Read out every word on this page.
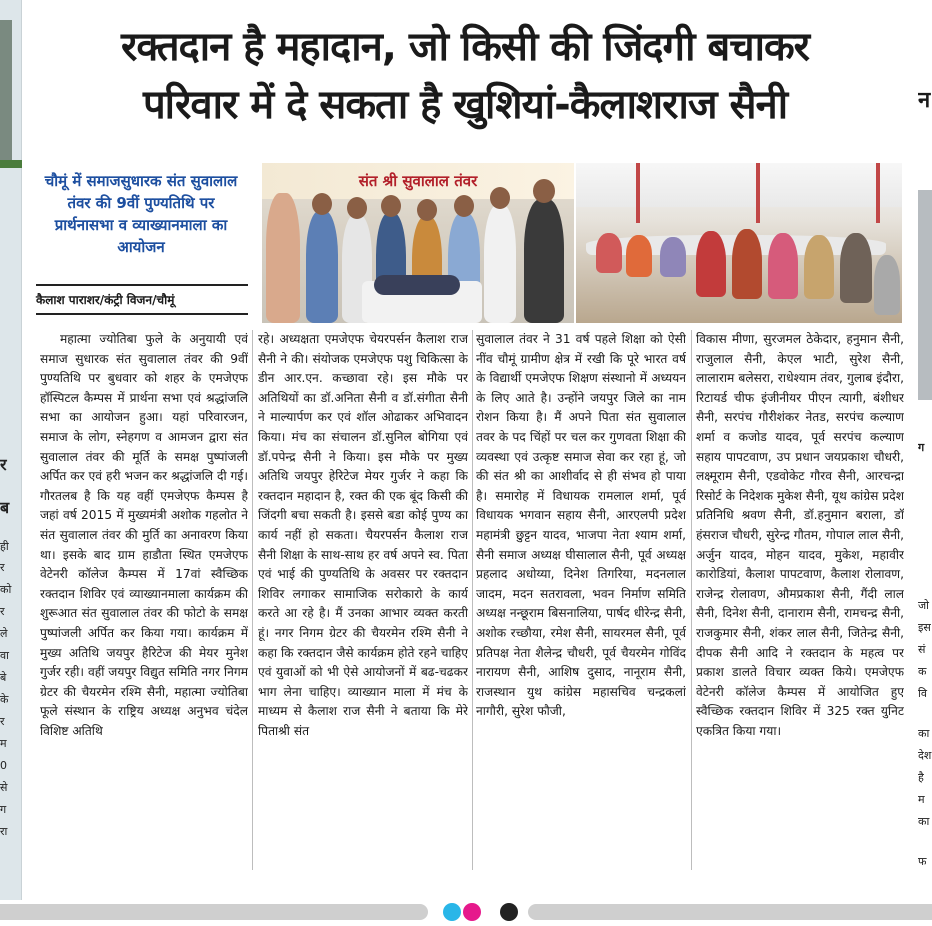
र
ब
ही
र
को
र
ले
वा
बे
के
र
म
0
से
ग
रा
न
ग
जो
इस
सं
क
वि
का
देश
है
म
का
फ
रक्तदान है महादान, जो किसी की जिंदगी बचाकर
परिवार में दे सकता है खुशियां-कैलाशराज सैनी
चौमूं में समाजसुधारक संत सुवालाल तंवर की 9वीं पुण्यतिथि पर प्रार्थनासभा व व्याख्यानमाला का आयोजन
कैलाश पाराशर/कंट्री विजन/चौमूं
संत श्री सुवालाल तंवर
महात्मा ज्योतिबा फुले के अनुयायी एवं समाज सुधारक संत सुवालाल तंवर की 9वीं पुण्यतिथि पर बुधवार को शहर के एमजेएफ हॉस्पिटल कैम्पस में प्रार्थना सभा एवं श्रद्धांजलि सभा का आयोजन हुआ। यहां परिवारजन, समाज के लोग, स्नेहगण व आमजन द्वारा संत सुवालाल तंवर की मूर्ति के समक्ष पुष्पांजली अर्पित कर एवं हरी भजन कर श्रद्धांजलि दी गई। गौरतलब है कि यह वहीं एमजेएफ कैम्पस है जहां वर्ष 2015 में मुख्यमंत्री अशोक गहलोत ने संत सुवालाल तंवर की मुर्ति का अनावरण किया था। इसके बाद ग्राम हाडौता स्थित एमजेएफ वेटेनरी कॉलेज कैम्पस में 17वां स्वैच्छिक रक्तदान शिविर एवं व्याख्यानमाला कार्यक्रम की शुरूआत संत सुवालाल तंवर की फोटो के समक्ष पुष्पांजली अर्पित कर किया गया। कार्यक्रम में मुख्य अतिथि जयपुर हैरिटेज की मेयर मुनेश गुर्जर रही। वहीं जयपुर विद्युत समिति नगर निगम ग्रेटर की चैयरमेन रश्मि सैनी, महात्मा ज्योतिबा फूले संस्थान के राष्ट्रिय अध्यक्ष अनुभव चंदेल विशिष्ट अतिथि
रहे। अध्यक्षता एमजेएफ चेयरपर्सन कैलाश राज सैनी ने की। संयोजक एमजेएफ पशु चिकित्सा के डीन आर.एन. कच्छावा रहे। इस मौके पर अतिथियों का डॉ.अनिता सैनी व डॉ.संगीता सैनी ने माल्यार्पण कर एवं शॉल ओढाकर अभिवादन किया। मंच का संचालन डॉ.सुनिल बोगिया एवं डॉ.पपेन्द्र सैनी ने किया। इस मौके पर मुख्य अतिथि जयपुर हेरिटेज मेयर गुर्जर ने कहा कि रक्तदान महादान है, रक्त की एक बूंद किसी की जिंदगी बचा सकती है। इससे बडा कोई पुण्य का कार्य नहीं हो सकता। चैयरपर्सन कैलाश राज सैनी शिक्षा के साथ-साथ हर वर्ष अपने स्व. पिता एवं भाई की पुण्यतिथि के अवसर पर रक्तदान शिविर लगाकर सामाजिक सरोकारो के कार्य करते आ रहे है। मैं उनका आभार व्यक्त करती हूं। नगर निगम ग्रेटर की चैयरमेन रश्मि सैनी ने कहा कि रक्तदान जैसे कार्यक्रम होते रहने चाहिए एवं युवाओं को भी ऐसे आयोजनों में बढ-चढकर भाग लेना चाहिए। व्याख्यान माला में मंच के माध्यम से कैलाश राज सैनी ने बताया कि मेरे पिताश्री संत
सुवालाल तंवर ने 31 वर्ष पहले शिक्षा को ऐसी नींव चौमूं ग्रामीण क्षेत्र में रखी कि पूरे भारत वर्ष के विद्यार्थी एमजेएफ शिक्षण संस्थानो में अध्ययन के लिए आते है। उन्होंने जयपुर जिले का नाम रोशन किया है। मैं अपने पिता संत सुवालाल तवर के पद चिंहों पर चल कर गुणवता शिक्षा की व्यवस्था एवं उत्कृष्ट समाज सेवा कर रहा हूं, जो की संत श्री का आशीर्वाद से ही संभव हो पाया है। समारोह में विधायक रामलाल शर्मा, पूर्व विधायक भगवान सहाय सैनी, आरएलपी प्रदेश महामंत्री छुट्टन यादव, भाजपा नेता श्याम शर्मा, सैनी समाज अध्यक्ष घीसालाल सैनी, पूर्व अध्यक्ष प्रहलाद अधोय्या, दिनेश तिगरिया, मदनलाल जादम, मदन सतरावला, भवन निर्माण समिति अध्यक्ष नन्छूराम बिसनालिया, पार्षद धीरेन्द्र सैनी, अशोक रच्छौया, रमेश सैनी, सायरमल सैनी, पूर्व प्रतिपक्ष नेता शैलेन्द्र चौधरी, पूर्व चैयरमेन गोविंद नारायण सैनी, आशिष दुसाद, नानूराम सैनी, राजस्थान युथ कांग्रेस महासचिव चन्द्रकलां नागौरी, सुरेश फौजी,
विकास मीणा, सुरजमल ठेकेदार, हनुमान सैनी, राजुलाल सैनी, केएल भाटी, सुरेश सैनी, लालाराम बलेसरा, राधेश्याम तंवर, गुलाब इंदौरा, रिटायर्ड चीफ इंजीनीयर पीएन त्यागी, बंशीधर सैनी, सरपंच गौरीशंकर नेतड, सरपंच कल्याण शर्मा व कजोड यादव, पूर्व सरपंच कल्याण सहाय पापटवाण, उप प्रधान जयप्रकाश चौधरी, लक्ष्मूराम सैनी, एडवोकेट गौरव सैनी, आरचन्द्रा रिसोर्ट के निदेशक मुकेश सैनी, यूथ कांग्रेस प्रदेश प्रतिनिधि श्रवण सैनी, डॉ.हनुमान बराला, डॉ हंसराज चौधरी, सुरेन्द्र गौतम, गोपाल लाल सैनी, अर्जुन यादव, मोहन यादव, मुकेश, महावीर कारोडियां, कैलाश पापटवाण, कैलाश रोलावण, राजेन्द्र रोलावण, औमप्रकाश सैनी, गैंदी लाल सैनी, दिनेश सैनी, दानाराम सैनी, रामचन्द्र सैनी, राजकुमार सैनी, शंकर लाल सैनी, जितेन्द्र सैनी, दीपक सैनी आदि ने रक्तदान के महत्व पर प्रकाश डालते विचार व्यक्त किये। एमजेएफ वेटेनरी कॉलेज कैम्पस में आयोजित हुए स्वैच्छिक रक्तदान शिविर में 325 रक्त युनिट एकत्रित किया गया।
